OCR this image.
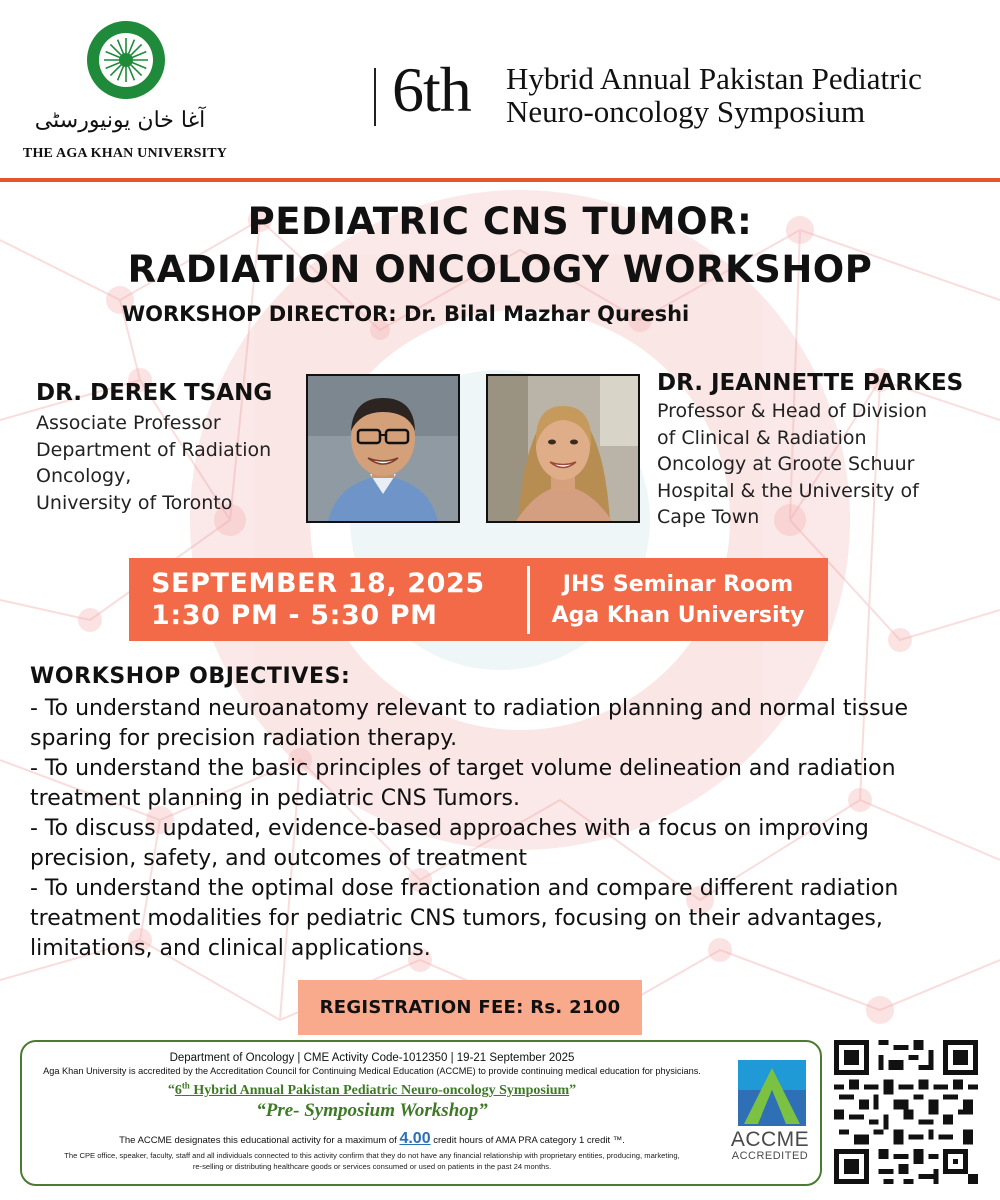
آغا خان یونیورسٹی
THE AGA KHAN UNIVERSITY
6th Hybrid Annual Pakistan Pediatric
Neuro-oncology Symposium
PEDIATRIC CNS TUMOR:
RADIATION ONCOLOGY WORKSHOP
WORKSHOP DIRECTOR: Dr. Bilal Mazhar Qureshi
DR. DEREK TSANG
Associate Professor
Department of Radiation
Oncology,
University of Toronto
DR. JEANNETTE PARKES
Professor & Head of Division
of Clinical & Radiation
Oncology at Groote Schuur
Hospital & the University of
Cape Town
SEPTEMBER 18, 2025
1:30 PM - 5:30 PM
JHS Seminar Room
Aga Khan University
WORKSHOP OBJECTIVES:
- To understand neuroanatomy relevant to radiation planning and normal tissue sparing for precision radiation therapy.
- To understand the basic principles of target volume delineation and radiation treatment planning in pediatric CNS Tumors.
- To discuss updated, evidence-based approaches with a focus on improving precision, safety, and outcomes of treatment
- To understand the optimal dose fractionation and compare different radiation treatment modalities for pediatric CNS tumors, focusing on their advantages, limitations, and clinical applications.
REGISTRATION FEE: Rs. 2100
Department of Oncology | CME Activity Code-1012350 | 19-21 September 2025
Aga Khan University is accredited by the Accreditation Council for Continuing Medical Education (ACCME) to provide continuing medical education for physicians.
“6th Hybrid Annual Pakistan Pediatric Neuro-oncology Symposium”
“Pre- Symposium Workshop”
The ACCME designates this educational activity for a maximum of 4.00 credit hours of AMA PRA category 1 credit ™.
The CPE office, speaker, faculty, staff and all individuals connected to this activity confirm that they do not have any financial relationship with proprietary entities, producing, marketing, re-selling or distributing healthcare goods or services consumed or used on patients in the past 24 months.
ACCME
ACCREDITED
